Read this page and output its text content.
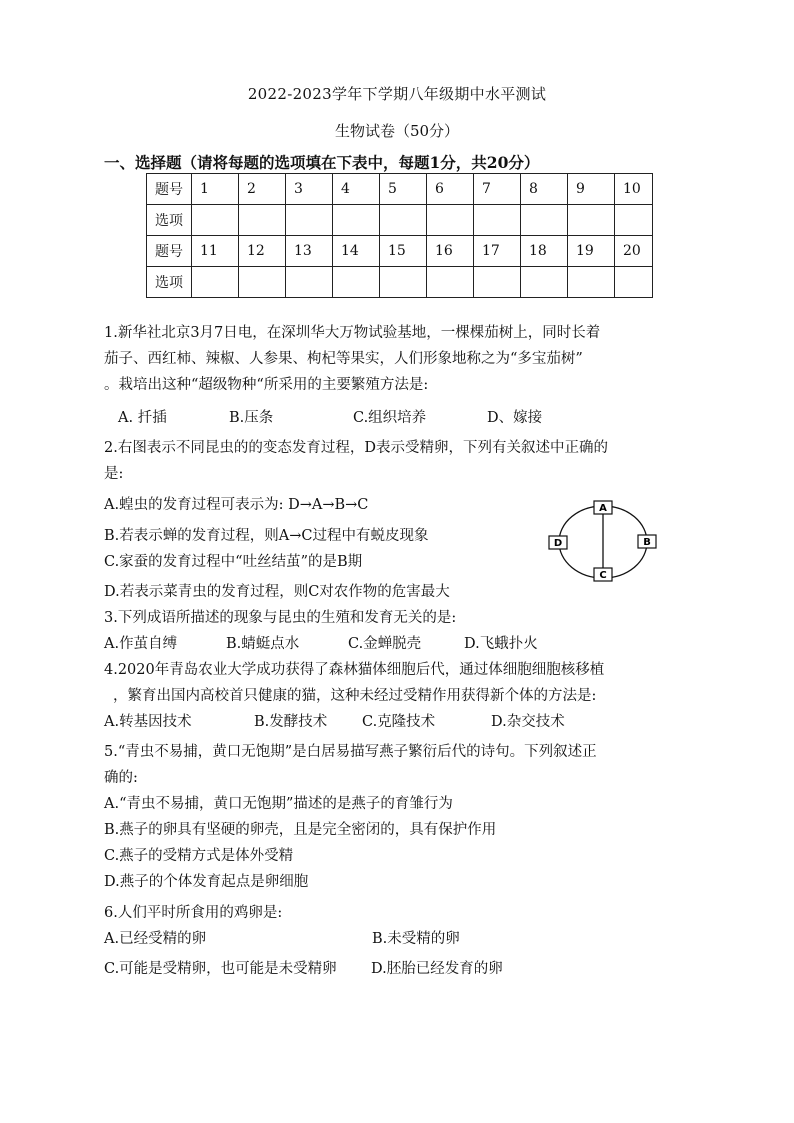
2022-2023学年下学期八年级期中水平测试
生物试卷（50分）
一、选择题（请将每题的选项填在下表中，每题1分，共20分）
题号	1	2	3	4	5	6	7	8	9	10
选项										
题号	11	12	13	14	15	16	17	18	19	20
选项										
1.新华社北京3月7日电，在深圳华大万物试验基地，一棵棵茄树上，同时长着
茄子、西红柿、辣椒、人参果、枸杞等果实，人们形象地称之为“多宝茄树”
。栽培出这种“超级物种“所采用的主要繁殖方法是:
A. 扦插	B.压条	C.组织培养	D、嫁接
2.右图表示不同昆虫的的变态发育过程，D表示受精卵，下列有关叙述中正确的
是:
A.蝗虫的发育过程可表示为: D→A→B→C
B.若表示蝉的发育过程，则A→C过程中有蜕皮现象
C.家蚕的发育过程中“吐丝结茧”的是B期
D.若表示菜青虫的发育过程，则C对农作物的危害最大
A
B
C
D
3.下列成语所描述的现象与昆虫的生殖和发育无关的是:
A.作茧自缚	B.蜻蜓点水	C.金蝉脱壳	D.飞蛾扑火
4.2020年青岛农业大学成功获得了森林猫体细胞后代，通过体细胞细胞核移植
，繁育出国内高校首只健康的猫，这种未经过受精作用获得新个体的方法是:
A.转基因技术	B.发酵技术 C.克隆技术	D.杂交技术
5.“青虫不易捕，黄口无饱期”是白居易描写燕子繁衍后代的诗句。下列叙述正
确的:
A.“青虫不易捕，黄口无饱期”描述的是燕子的育雏行为
B.燕子的卵具有坚硬的卵壳，且是完全密闭的，具有保护作用
C.燕子的受精方式是体外受精
D.燕子的个体发育起点是卵细胞
6.人们平时所食用的鸡卵是:
A.已经受精的卵	B.未受精的卵
C.可能是受精卵，也可能是未受精卵 D.胚胎已经发育的卵
